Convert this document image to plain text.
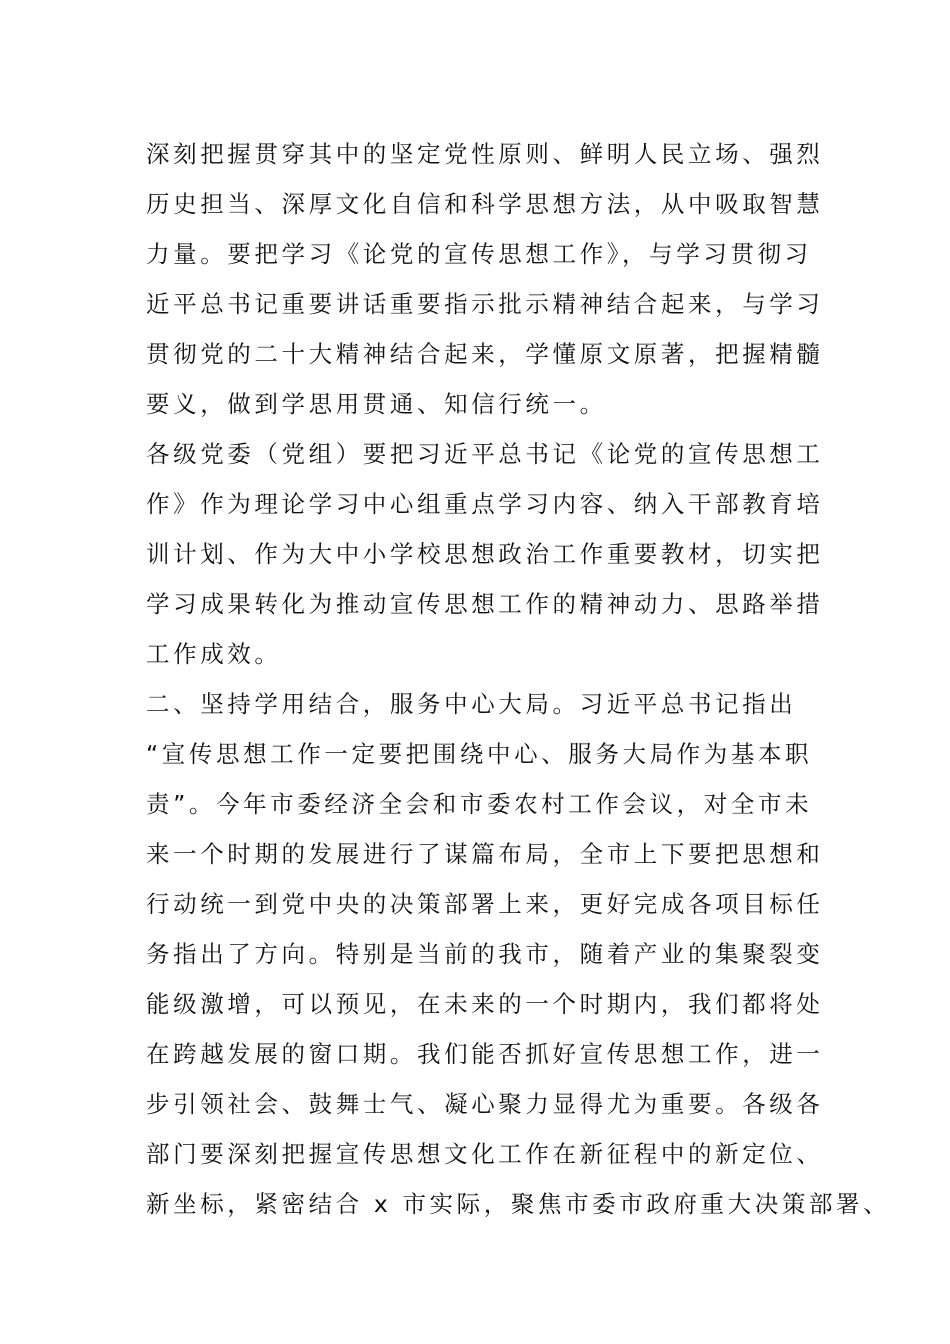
深刻把握贯穿其中的坚定党性原则、鲜明人民立场、强烈

历史担当、深厚文化自信和科学思想方法，从中吸取智慧

力量。要把学习《论党的宣传思想工作》，与学习贯彻习

近平总书记重要讲话重要指示批示精神结合起来，与学习

贯彻党的二十大精神结合起来，学懂原文原著，把握精髓

要义，做到学思用贯通、知信行统一。

各级党委（党组）要把习近平总书记《论党的宣传思想工

作》作为理论学习中心组重点学习内容、纳入干部教育培

训计划、作为大中小学校思想政治工作重要教材，切实把

学习成果转化为推动宣传思想工作的精神动力、思路举措

工作成效。

二、坚持学用结合，服务中心大局。习近平总书记指出

“宣传思想工作一定要把围绕中心、服务大局作为基本职

责”。今年市委经济全会和市委农村工作会议，对全市未

来一个时期的发展进行了谋篇布局，全市上下要把思想和

行动统一到党中央的决策部署上来，更好完成各项目标任

务指出了方向。特别是当前的我市，随着产业的集聚裂变

能级激增，可以预见，在未来的一个时期内，我们都将处

在跨越发展的窗口期。我们能否抓好宣传思想工作，进一

步引领社会、鼓舞士气、凝心聚力显得尤为重要。各级各

部门要深刻把握宣传思想文化工作在新征程中的新定位、

新坐标，紧密结合 x 市实际，聚焦市委市政府重大决策部署、
